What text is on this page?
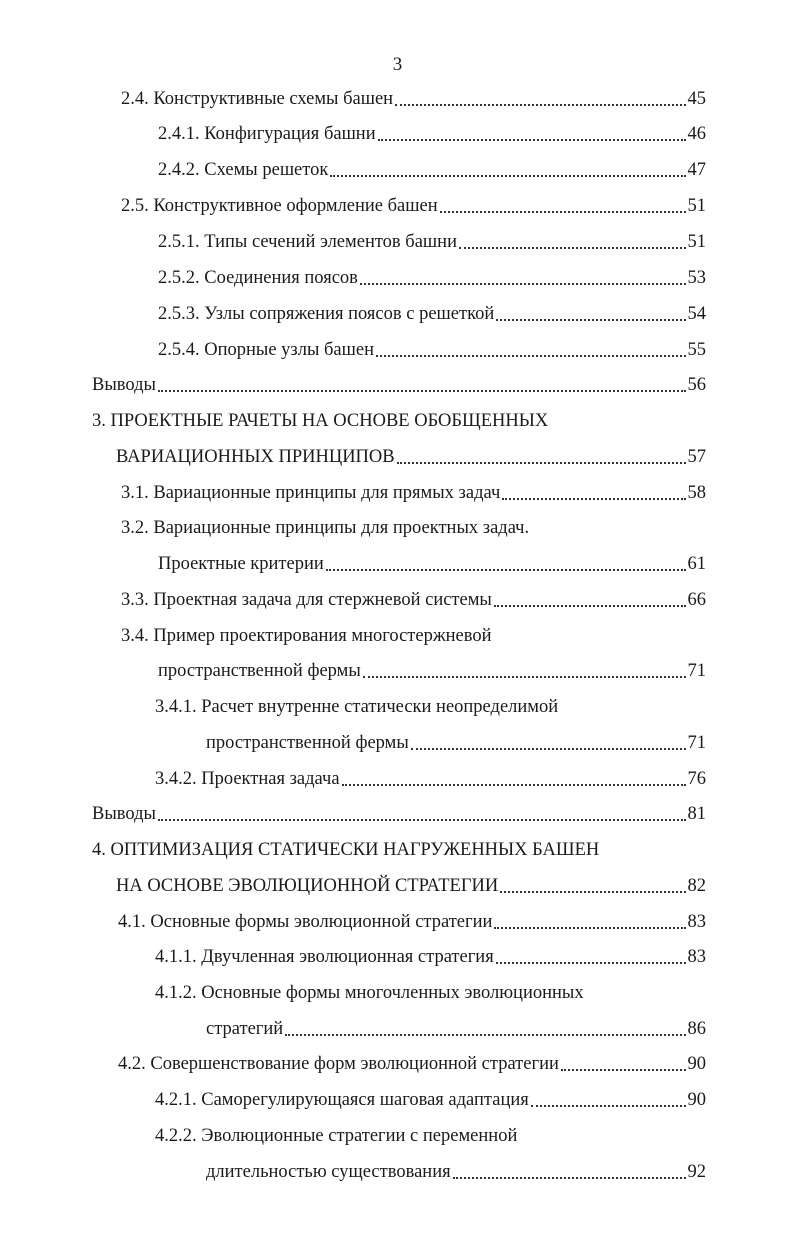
3
2.4. Конструктивные схемы башен	45
2.4.1. Конфигурация башни	46
2.4.2. Схемы решеток	47
2.5. Конструктивное оформление башен	51
2.5.1. Типы сечений элементов башни	51
2.5.2. Соединения поясов	53
2.5.3. Узлы сопряжения поясов с решеткой	54
2.5.4. Опорные узлы башен	55
Выводы	56
3. ПРОЕКТНЫЕ РАЧЕТЫ НА ОСНОВЕ ОБОБЩЕННЫХ
ВАРИАЦИОННЫХ ПРИНЦИПОВ	57
3.1. Вариационные принципы для прямых задач	58
3.2. Вариационные принципы для проектных задач.
Проектные критерии	61
3.3. Проектная задача для стержневой системы	66
3.4. Пример проектирования многостержневой
пространственной фермы	71
3.4.1. Расчет внутренне статически неопределимой
пространственной фермы	71
3.4.2. Проектная задача	76
Выводы	81
4. ОПТИМИЗАЦИЯ СТАТИЧЕСКИ НАГРУЖЕННЫХ БАШЕН
НА ОСНОВЕ ЭВОЛЮЦИОННОЙ СТРАТЕГИИ	82
4.1. Основные формы эволюционной стратегии	83
4.1.1. Двучленная эволюционная стратегия	83
4.1.2. Основные формы многочленных эволюционных
стратегий	86
4.2. Совершенствование форм эволюционной стратегии	90
4.2.1. Саморегулирующаяся шаговая адаптация	90
4.2.2. Эволюционные стратегии с переменной
длительностью существования	92
